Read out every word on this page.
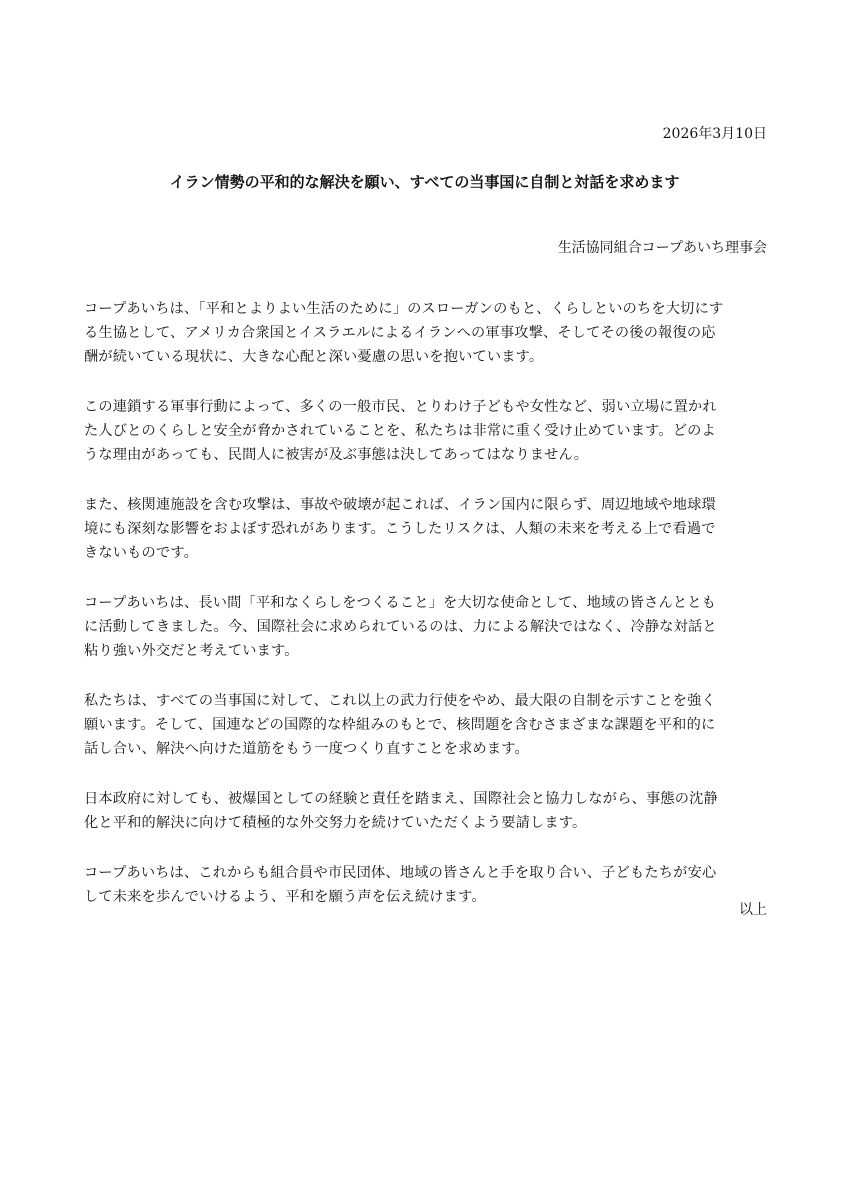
2026年3月10日
イラン情勢の平和的な解決を願い、すべての当事国に自制と対話を求めます
生活協同組合コープあいち理事会

コープあいちは、「平和とよりよい生活のために」のスローガンのもと、くらしといのちを大切にす
る生協として、アメリカ合衆国とイスラエルによるイランへの軍事攻撃、そしてその後の報復の応
酬が続いている現状に、大きな心配と深い憂慮の思いを抱いています。

この連鎖する軍事行動によって、多くの一般市民、とりわけ子どもや女性など、弱い立場に置かれ
た人びとのくらしと安全が脅かされていることを、私たちは非常に重く受け止めています。どのよ
うな理由があっても、民間人に被害が及ぶ事態は決してあってはなりません。

また、核関連施設を含む攻撃は、事故や破壊が起これば、イラン国内に限らず、周辺地域や地球環
境にも深刻な影響をおよぼす恐れがあります。こうしたリスクは、人類の未来を考える上で看過で
きないものです。

コープあいちは、長い間「平和なくらしをつくること」を大切な使命として、地域の皆さんととも
に活動してきました。今、国際社会に求められているのは、力による解決ではなく、冷静な対話と
粘り強い外交だと考えています。

私たちは、すべての当事国に対して、これ以上の武力行使をやめ、最大限の自制を示すことを強く
願います。そして、国連などの国際的な枠組みのもとで、核問題を含むさまざまな課題を平和的に
話し合い、解決へ向けた道筋をもう一度つくり直すことを求めます。

日本政府に対しても、被爆国としての経験と責任を踏まえ、国際社会と協力しながら、事態の沈静
化と平和的解決に向けて積極的な外交努力を続けていただくよう要請します。

コープあいちは、これからも組合員や市民団体、地域の皆さんと手を取り合い、子どもたちが安心
して未来を歩んでいけるよう、平和を願う声を伝え続けます。

以上
